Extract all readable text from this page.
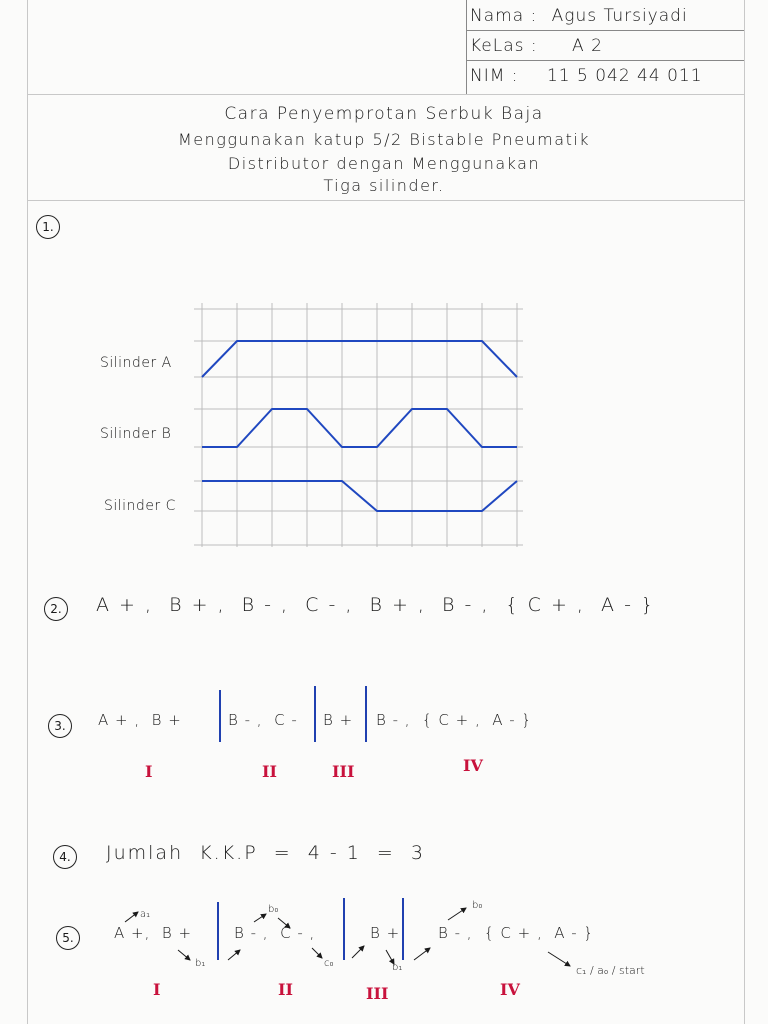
Nama : Agus Tursiyadi
KeLas : A 2
NIM : 11 5 042 44 011
Cara Penyemprotan Serbuk Baja
Menggunakan katup 5/2 Bistable Pneumatik
Distributor dengan Menggunakan
Tiga silinder.
1.
Silinder A
Silinder B
Silinder C
2.	A + ,  B + ,  B - ,  C - ,  B + ,  B - ,  { C + ,  A - }
3.	A + ,  B +	B - ,  C - B + B - ,  { C + ,  A - }
I	II	III	IV
4.	Jumlah  K.K.P  =  4 - 1  =  3
5.	A +,  B +
a₁
b₁
B - ,  C - ,
b₀
c₀
B +
b₁
B - ,  { C + ,  A - }
b₀
c₁ / a₀ / start
I	II	III	IV
